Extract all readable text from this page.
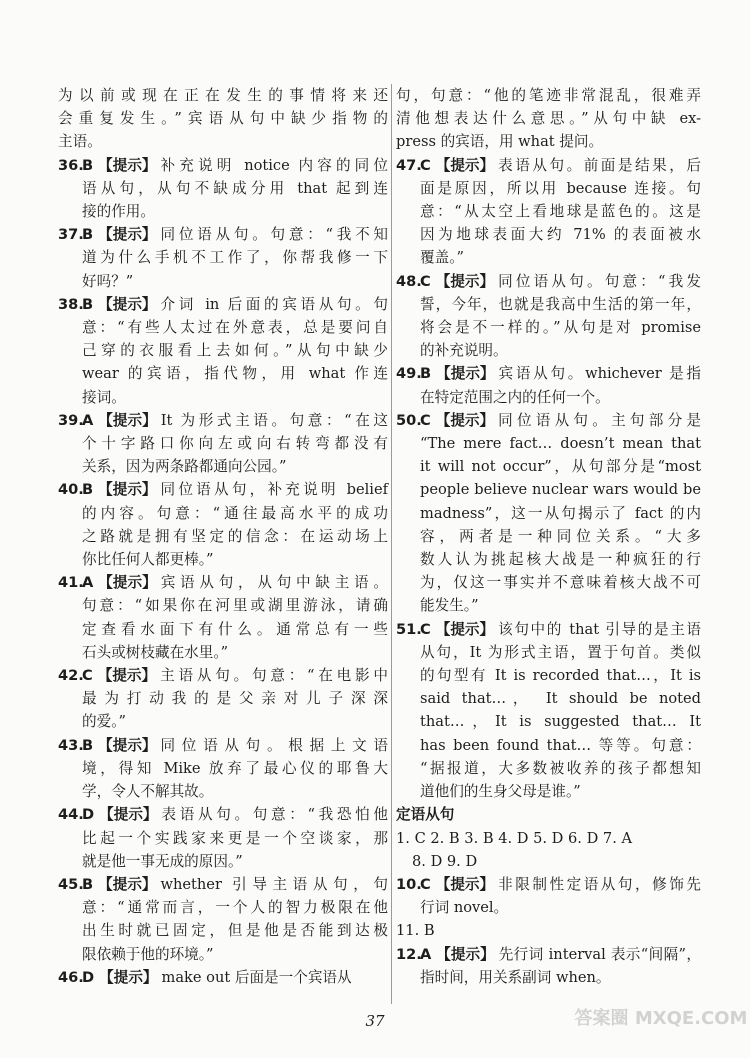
为以前或现在正在发生的事情将来还
会重复发生。”宾语从句中缺少指物的
主语。
36.
B 【提示】 补充说明 notice 内容的同位
语从句，从句不缺成分用 that 起到连
接的作用。
37.
B 【提示】 同位语从句。句意：“我不知
道为什么手机不工作了，你帮我修一下
好吗？”
38.
B 【提示】 介词 in 后面的宾语从句。句
意：“有些人太过在外意表，总是要问自
己穿的衣服看上去如何。”从句中缺少
wear 的宾语，指代物，用 what 作连
接词。
39.
A 【提示】 It 为形式主语。句意：“在这
个十字路口你向左或向右转弯都没有
关系，因为两条路都通向公园。”
40.
B 【提示】 同位语从句，补充说明 belief
的内容。句意：“通往最高水平的成功
之路就是拥有坚定的信念：在运动场上
你比任何人都更棒。”
41.
A 【提示】 宾语从句，从句中缺主语。
句意：“如果你在河里或湖里游泳，请确
定查看水面下有什么。通常总有一些
石头或树枝藏在水里。”
42.
C 【提示】 主语从句。句意：“在电影中
最为打动我的是父亲对儿子深深
的爱。”
43.
B 【提示】 同位语从句。根据上文语
境，得知 Mike 放弃了最心仪的耶鲁大
学，令人不解其故。
44.
D 【提示】 表语从句。句意：“我恐怕他
比起一个实践家来更是一个空谈家，那
就是他一事无成的原因。”
45.
B 【提示】 whether 引导主语从句，句
意：“通常而言，一个人的智力极限在他
出生时就已固定，但是他是否能到达极
限依赖于他的环境。”
46.
D 【提示】 make out 后面是一个宾语从
句，句意：“他的笔迹非常混乱，很难弄
清他想表达什么意思。”从句中缺 ex-
press 的宾语，用 what 提问。
47.
C 【提示】 表语从句。前面是结果，后
面是原因，所以用 because 连接。句
意：“从太空上看地球是蓝色的。这是
因为地球表面大约 71% 的表面被水
覆盖。”
48.
C 【提示】 同位语从句。句意：“我发
誓，今年，也就是我高中生活的第一年，
将会是不一样的。”从句是对 promise
的补充说明。
49.
B 【提示】 宾语从句。whichever 是指
在特定范围之内的任何一个。
50.
C 【提示】 同位语从句。主句部分是
“The mere fact… doesn’t mean that
it will not occur”，从句部分是“most
people believe nuclear wars would be
madness”，这一从句揭示了 fact 的内
容，两者是一种同位关系。“大多
数人认为挑起核大战是一种疯狂的行
为，仅这一事实并不意味着核大战不可
能发生。”
51.
C 【提示】 该句中的 that 引导的是主语
从句，It 为形式主语，置于句首。类似
的句型有 It is recorded that…，It is
said that…， It should be noted
that…，It is suggested that… It
has been found that… 等等。句意：
“据报道，大多数被收养的孩子都想知
道他们的生身父母是谁。”
定语从句
1. C 2. B 3. B 4. D 5. D 6. D 7. A
8. D 9. D
10.
C 【提示】 非限制性定语从句，修饰先
行词 novel。
11. B
12.
A 【提示】 先行词 interval 表示“间隔”，
指时间，用关系副词 when。
37	答案圈 MXQE.COM
